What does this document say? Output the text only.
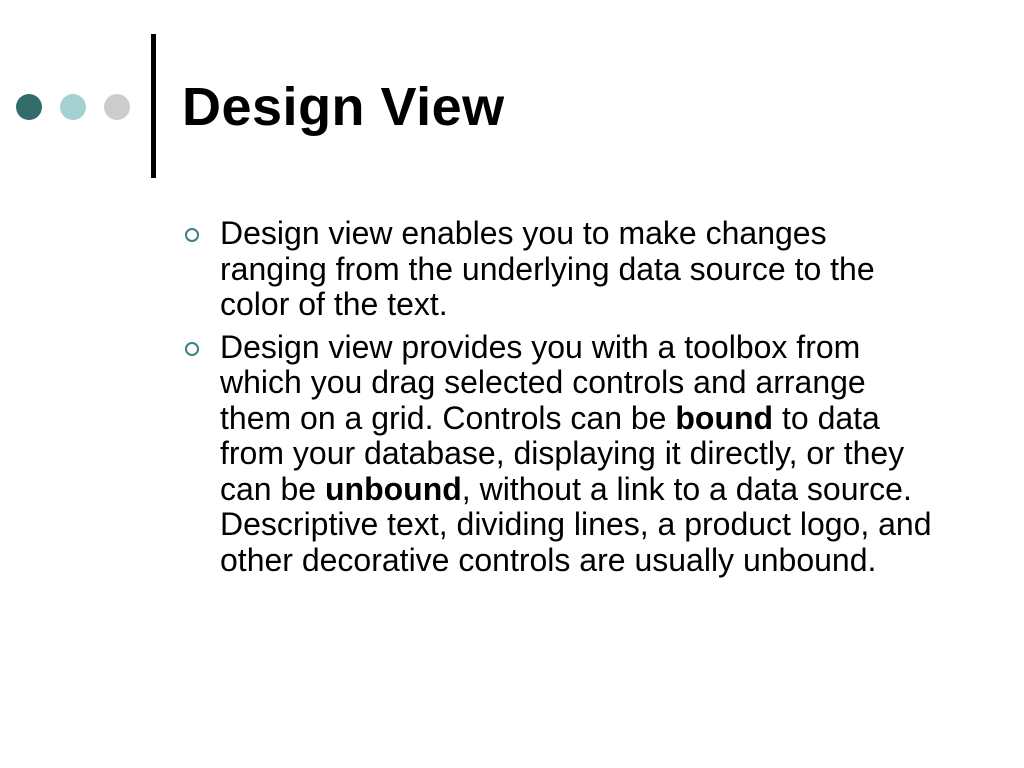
Design View
Design view enables you to make changes ranging from the underlying data source to the color of the text.
Design view provides you with a toolbox from which you drag selected controls and arrange them on a grid. Controls can be bound to data from your database, displaying it directly, or they can be unbound, without a link to a data source. Descriptive text, dividing lines, a product logo, and other decorative controls are usually unbound.
